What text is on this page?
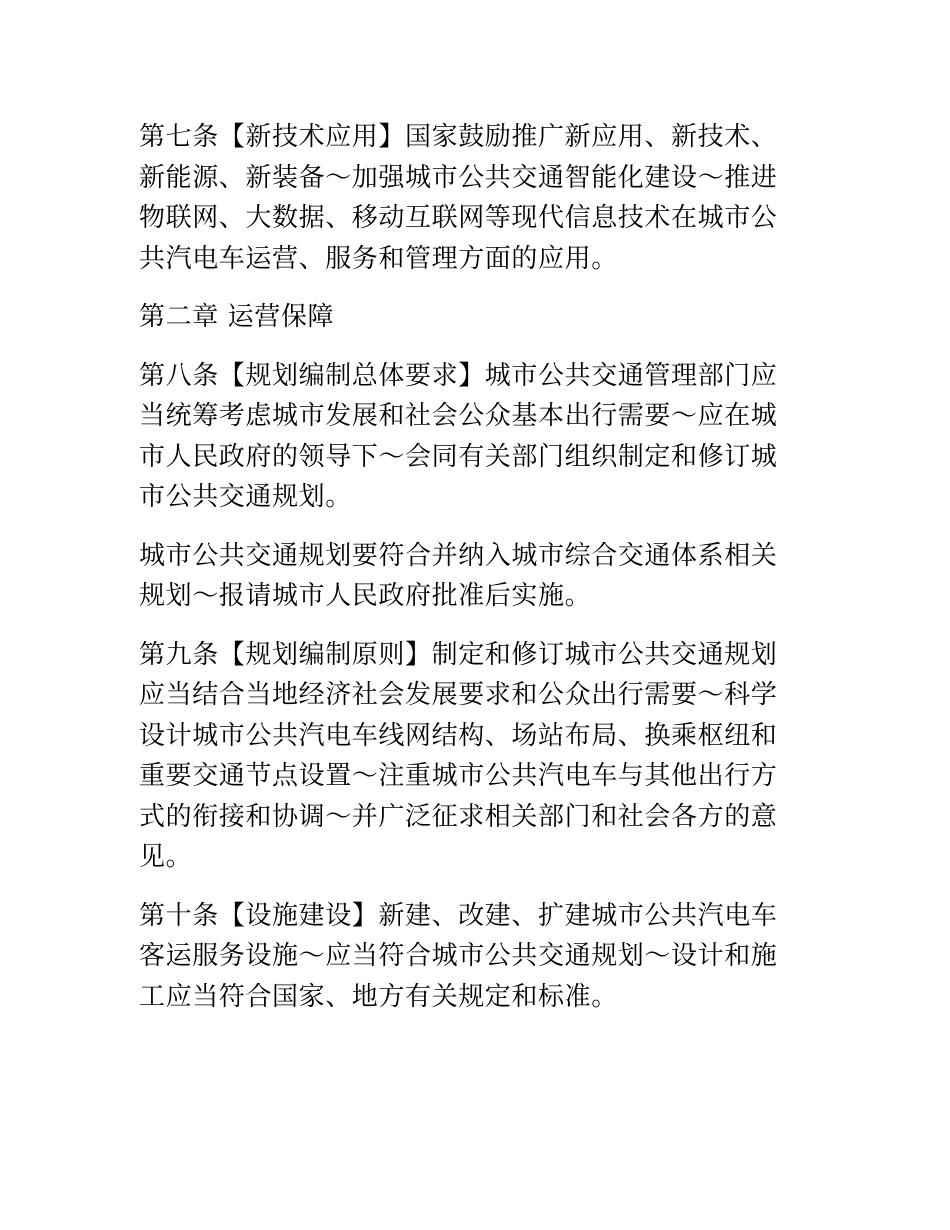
第七条【新技术应用】国家鼓励推广新应用、新技术、
新能源、新装备～加强城市公共交通智能化建设～推进
物联网、大数据、移动互联网等现代信息技术在城市公
共汽电车运营、服务和管理方面的应用。
第二章 运营保障
第八条【规划编制总体要求】城市公共交通管理部门应
当统筹考虑城市发展和社会公众基本出行需要～应在城
市人民政府的领导下～会同有关部门组织制定和修订城
市公共交通规划。
城市公共交通规划要符合并纳入城市综合交通体系相关
规划～报请城市人民政府批准后实施。
第九条【规划编制原则】制定和修订城市公共交通规划
应当结合当地经济社会发展要求和公众出行需要～科学
设计城市公共汽电车线网结构、场站布局、换乘枢纽和
重要交通节点设置～注重城市公共汽电车与其他出行方
式的衔接和协调～并广泛征求相关部门和社会各方的意
见。
第十条【设施建设】新建、改建、扩建城市公共汽电车
客运服务设施～应当符合城市公共交通规划～设计和施
工应当符合国家、地方有关规定和标准。
